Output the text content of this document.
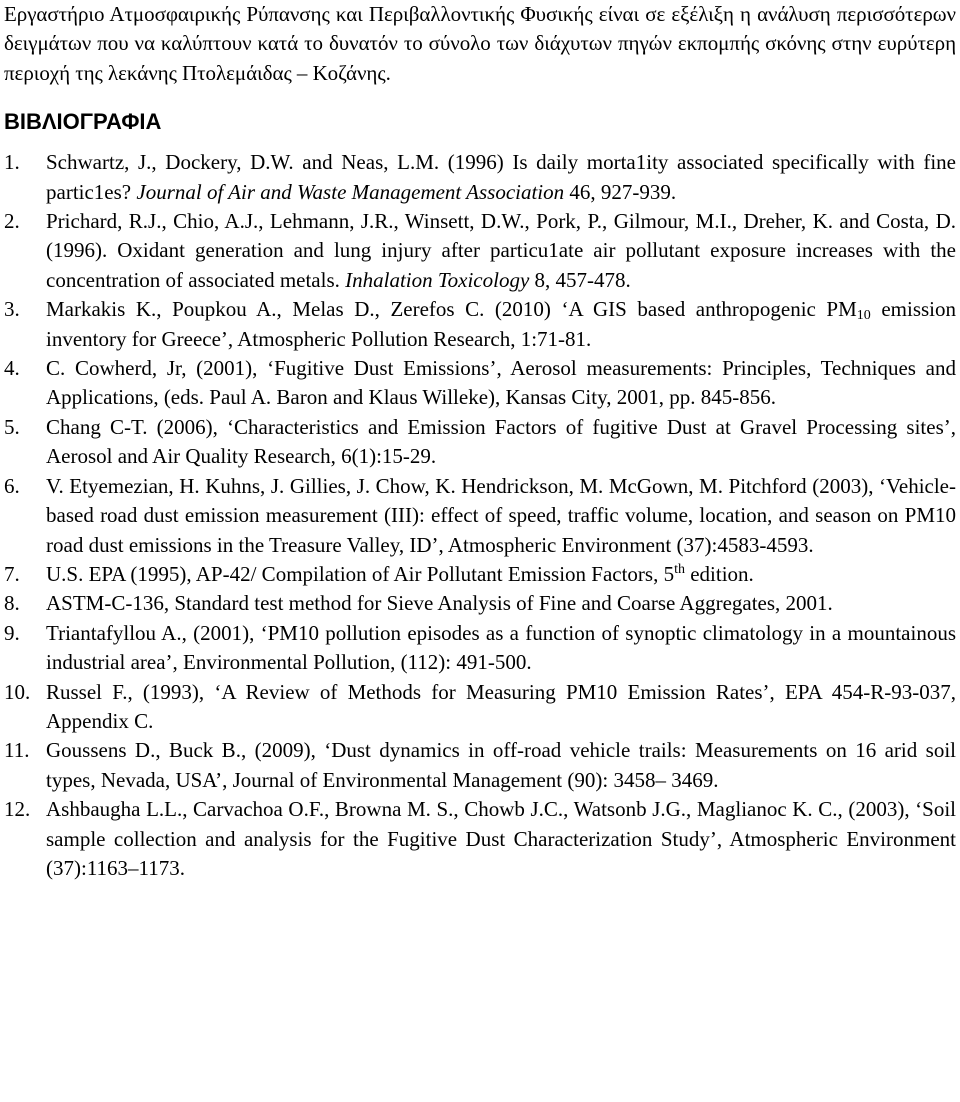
Εργαστήριο Ατμοσφαιρικής Ρύπανσης και Περιβαλλοντικής Φυσικής είναι σε εξέλιξη η ανάλυση περισσότερων δειγμάτων που να καλύπτουν κατά το δυνατόν το σύνολο των διάχυτων πηγών εκπομπής σκόνης στην ευρύτερη περιοχή της λεκάνης Πτολεμάιδας – Κοζάνης.

ΒΙΒΛΙΟΓΡΑΦΙΑ
1.	Schwartz, J., Dockery, D.W. and Neas, L.M. (1996) Is daily morta1ity associated specifically with fine partic1es? Journal of Air and Waste Management Association 46, 927-939.
2.	Prichard, R.J., Chio, A.J., Lehmann, J.R., Winsett, D.W., Pork, P., Gilmour, M.I., Dreher, K. and Costa, D. (1996). Oxidant generation and lung injury after particu1ate air pollutant exposure increases with the concentration of associated metals. Inhalation Toxicology 8, 457-478.
3.	Markakis K., Poupkou A., Melas D., Zerefos C. (2010) ‘A GIS based anthropogenic $PM_{10}$ emission inventory for Greece’, Atmospheric Pollution Research, 1:71-81.
4.	C. Cowherd, Jr, (2001), ‘Fugitive Dust Emissions’, Aerosol measurements: Principles, Techniques and Applications, (eds. Paul A. Baron and Klaus Willeke), Kansas City, 2001, pp. 845-856.
5.	Chang C-T. (2006), ‘Characteristics and Emission Factors of fugitive Dust at Gravel Processing sites’, Aerosol and Air Quality Research, 6(1):15-29.
6.	V. Etyemezian, H. Kuhns, J. Gillies, J. Chow, K. Hendrickson, M. McGown, M. Pitchford (2003), ‘Vehicle-based road dust emission measurement (III): effect of speed, traffic volume, location, and season on PM10 road dust emissions in the Treasure Valley, ID’, Atmospheric Environment (37):4583-4593.
7.	U.S. EPA (1995), AP-42/ Compilation of Air Pollutant Emission Factors, 5th edition.
8.	ASTM-C-136, Standard test method for Sieve Analysis of Fine and Coarse Aggregates, 2001.
9.	Triantafyllou A., (2001), ‘PM10 pollution episodes as a function of synoptic climatology in a mountainous industrial area’, Environmental Pollution, (112): 491-500.
10. Russel F., (1993), ‘A Review of Methods for Measuring PM10 Emission Rates’, EPA 454-R-93-037, Appendix C.
11. Goussens D., Buck B., (2009), ‘Dust dynamics in off-road vehicle trails: Measurements on 16 arid soil types, Nevada, USA’, Journal of Environmental Management (90): 3458– 3469.
12. Ashbaugha L.L., Carvachoa O.F., Browna M. S., Chowb J.C., Watsonb J.G., Maglianoc K. C., (2003), ‘Soil sample collection and analysis for the Fugitive Dust Characterization Study’, Atmospheric Environment (37):1163–1173.
